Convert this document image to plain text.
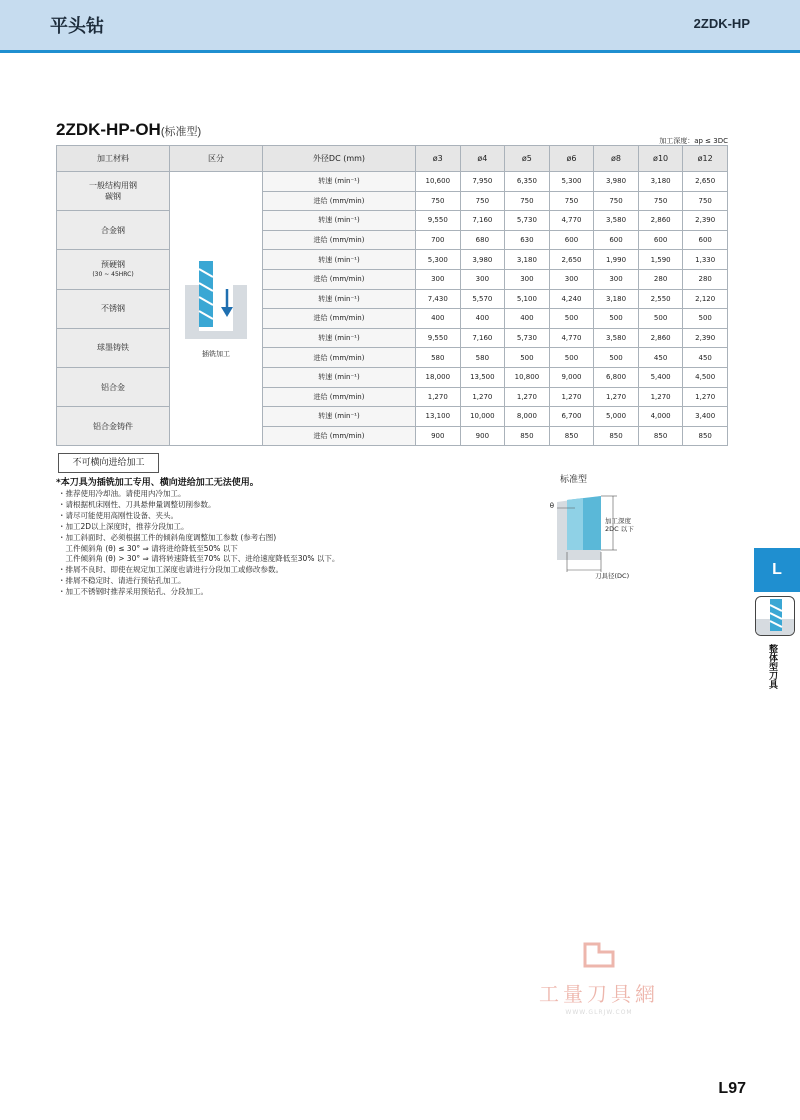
平头钻	2ZDK-HP
2ZDK-HP-OH(标准型)
加工深度：ap ≤ 3DC
加工材料	区分	外径DC (mm)	ø3	ø4	ø5	ø6	ø8	ø10	ø12
一般结构用钢
碳钢	插铣加工	转速 (min⁻¹)	10,600	7,950	6,350	5,300	3,980	3,180	2,650
		进给 (mm/min)	750	750	750	750	750	750	750
合金钢		转速 (min⁻¹)	9,550	7,160	5,730	4,770	3,580	2,860	2,390
		进给 (mm/min)	700	680	630	600	600	600	600
预硬钢
(30 ~ 45HRC)		转速 (min⁻¹)	5,300	3,980	3,180	2,650	1,990	1,590	1,330
		进给 (mm/min)	300	300	300	300	300	280	280
不锈钢		转速 (min⁻¹)	7,430	5,570	5,100	4,240	3,180	2,550	2,120
		进给 (mm/min)	400	400	400	500	500	500	500
球墨铸铁		转速 (min⁻¹)	9,550	7,160	5,730	4,770	3,580	2,860	2,390
		进给 (mm/min)	580	580	500	500	500	450	450
铝合金		转速 (min⁻¹)	18,000	13,500	10,800	9,000	6,800	5,400	4,500
		进给 (mm/min)	1,270	1,270	1,270	1,270	1,270	1,270	1,270
铝合金铸件		转速 (min⁻¹)	13,100	10,000	8,000	6,700	5,000	4,000	3,400
		进给 (mm/min)	900	900	850	850	850	850	850
不可横向进给加工
*本刀具为插铣加工专用、横向进给加工无法使用。
・推荐使用冷却油。请使用内冷加工。
・请根据机床刚性、刀具悬伸量调整切削参数。
・请尽可能使用高刚性设备、夹头。
・加工2D以上深度时，推荐分段加工。
・加工斜面时、必须根据工件的倾斜角度调整加工参数 (参考右图)
　工件倾斜角 (θ) ≤ 30° ⇒ 请将进给降低至50% 以下
　工件倾斜角 (θ) > 30° ⇒ 请将转速降低至70% 以下、进给速度降低至30% 以下。
・排屑不良时、即使在规定加工深度也请进行分段加工或修改参数。
・排屑不稳定时、请进行预钻孔加工。
・加工不锈钢时推荐采用预钻孔、分段加工。
标准型
θ
加工深度
2DC 以下
刀具径(DC)	L
整体型刀具
工量刀具網
WWW.GLRJW.COM
L97
